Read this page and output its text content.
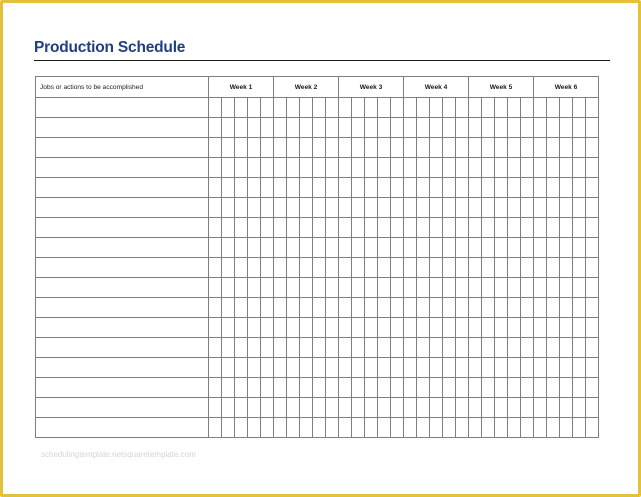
Production Schedule
Jobs or actions to be accomplished	Week 1					Week 2					Week 3					Week 4					Week 5					Week 6				

schedulingtemplate.netsquaretemplate.com
